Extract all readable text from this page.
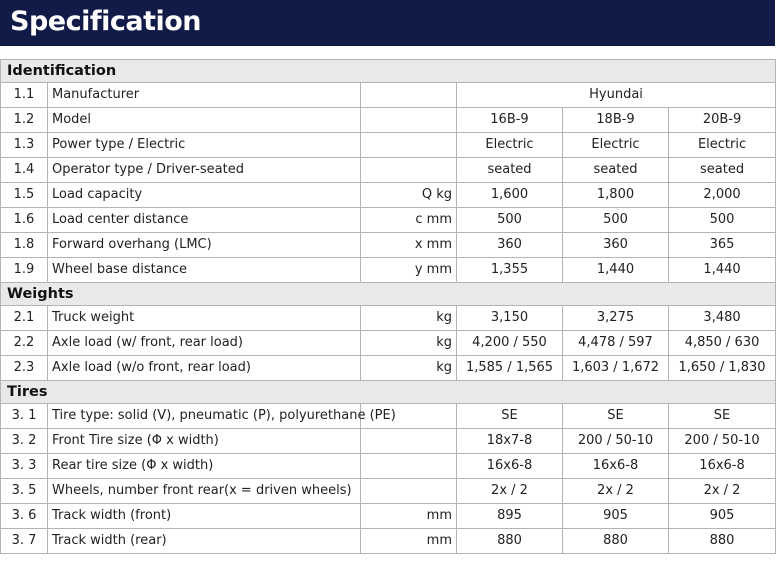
Specification
Identification					
1.1	Manufacturer		Hyundai		
1.2	Model		16B-9	18B-9	20B-9
1.3	Power type / Electric		Electric	Electric	Electric
1.4	Operator type / Driver-seated		seated	seated	seated
1.5	Load capacity	Q kg	1,600	1,800	2,000
1.6	Load center distance	c mm	500	500	500
1.8	Forward overhang (LMC)	x mm	360	360	365
1.9	Wheel base distance	y mm	1,355	1,440	1,440
Weights					
2.1	Truck weight	kg	3,150	3,275	3,480
2.2	Axle load (w/ front, rear load)	kg	4,200 / 550	4,478 / 597	4,850 / 630
2.3	Axle load (w/o front, rear load)	kg	1,585 / 1,565	1,603 / 1,672	1,650 / 1,830
Tires					
3. 1	Tire type: solid (V), pneumatic (P), polyurethane (PE)		SE	SE	SE
3. 2	Front Tire size (Φ x width)		18x7-8	200 / 50-10	200 / 50-10
3. 3	Rear tire size (Φ x width)		16x6-8	16x6-8	16x6-8
3. 5	Wheels, number front rear(x = driven wheels)		2x / 2	2x / 2	2x / 2
3. 6	Track width (front)	mm	895	905	905
3. 7	Track width (rear)	mm	880	880	880
